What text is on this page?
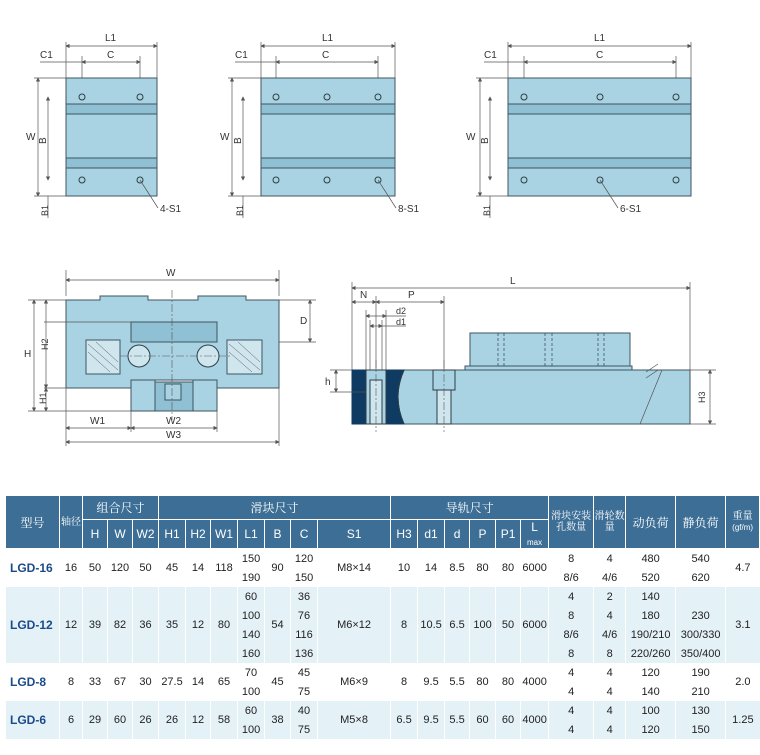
L1
C
C1
W B
B1	4-S1
L1
C
C1
W B
B1	8-S1
L1
C
C1
W B
B1	6-S1
W
D
H
H2
H1
W1	W2
W3
L
N	P
d2
d1
h
H3
型号	轴径	组合尺寸			滑块尺寸							导轨尺寸						滑块安装孔数量	滑轮数量	动负荷	静负荷	重量
(gf/m)
		H	W	W2	H1	H2	W1	L1	B	C	S1	H3	d1	d	P	P1	L
max					
LGD-16	16	50	120	50	45	14	118	150	90	120	M8×14	10	14	8.5	80	80	6000	8	4	480	540	4.7
								190		150								8/6	4/6	520	620	
LGD-12	12	39	82	36	35	12	80	60	54	36	M6×12	8	10.5	6.5	100	50	6000	4	2	140		3.1
								100		76								8	4	180	230	
								140		116								8/6	4/6	190/210	300/330	
								160		136								8	8	220/260	350/400	
LGD-8	8	33	67	30	27.5	14	65	70	45	45	M6×9	8	9.5	5.5	80	80	4000	4	4	120	190	2.0
								100		75								4	4	140	210	
LGD-6	6	29	60	26	26	12	58	60	38	40	M5×8	6.5	9.5	5.5	60	60	4000	4	4	100	130	1.25
								100		75								4	4	120	150	
